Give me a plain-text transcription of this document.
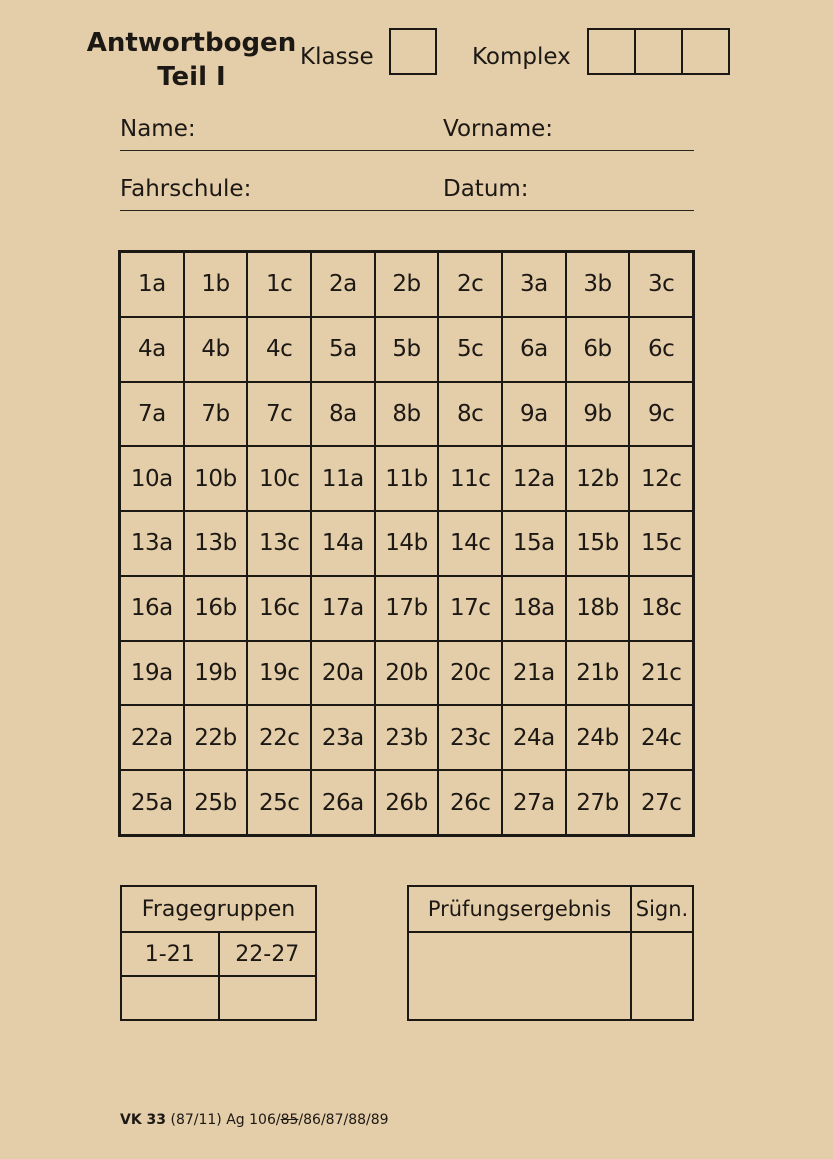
Antwortbogen
Teil I
Klasse	Komplex
Name:	Vorname:
Fahrschule:	Datum:
1a	1b	1c	2a	2b	2c	3a	3b	3c
4a	4b	4c	5a	5b	5c	6a	6b	6c
7a	7b	7c	8a	8b	8c	9a	9b	9c
10a 10b 10c 11a 11b 11c 12a 12b 12c
13a 13b 13c 14a 14b 14c 15a 15b 15c
16a 16b 16c 17a 17b 17c 18a 18b 18c
19a 19b 19c 20a 20b 20c 21a 21b 21c
22a 22b 22c 23a 23b 23c 24a 24b 24c
25a 25b 25c 26a 26b 26c 27a 27b 27c
Fragegruppen	
1-21	22-27

Prüfungsergebnis	Sign.

VK 33 (87/11) Ag 106/85/86/87/88/89
